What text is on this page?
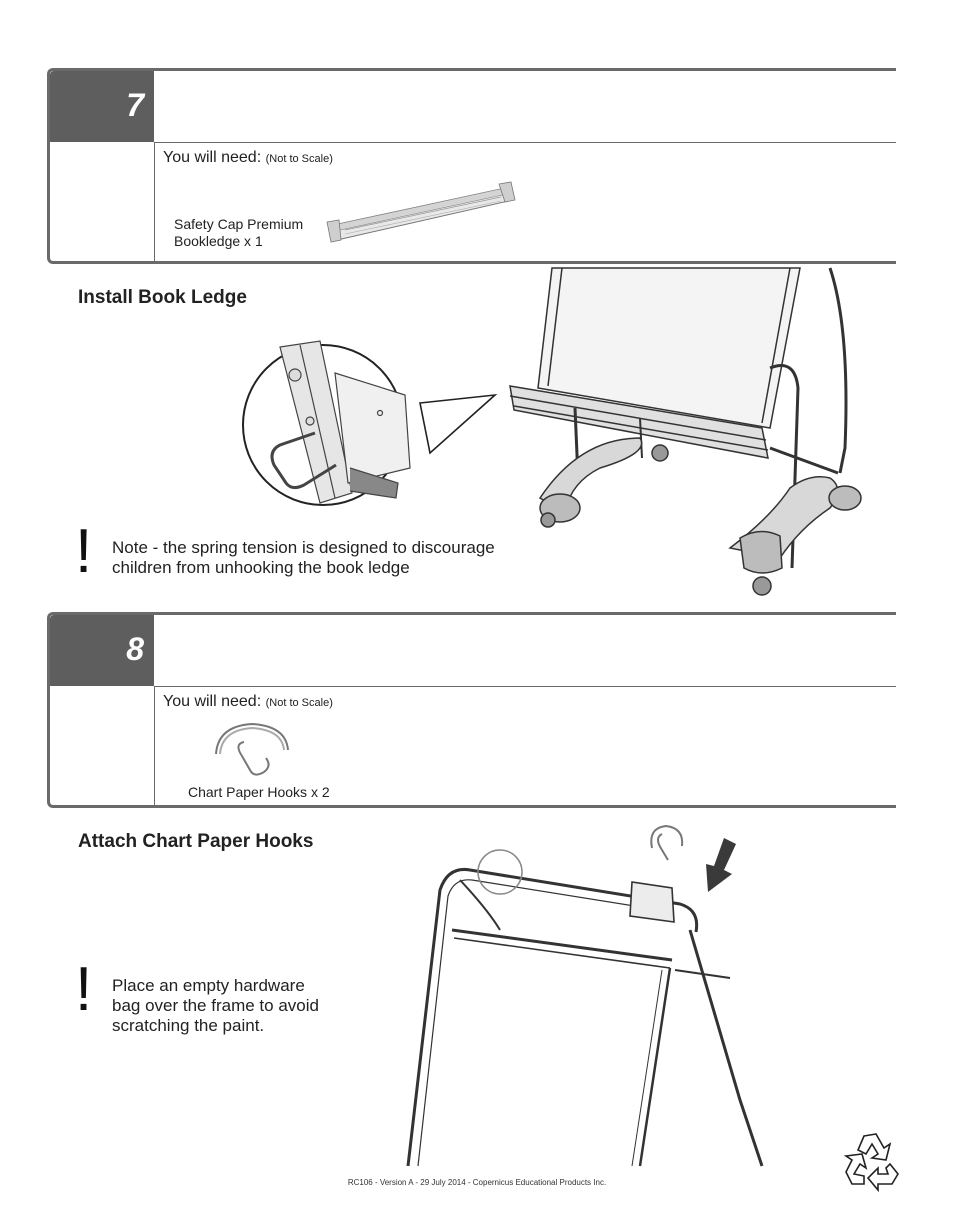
7
You will need: (Not to Scale)
Safety Cap Premium
Bookledge x 1
Install Book Ledge
! Note - the spring tension is designed to discourage
children from unhooking the book ledge
8
You will need: (Not to Scale)
Chart Paper Hooks x 2
Attach Chart Paper Hooks
! Place an empty hardware
bag over the frame to avoid
scratching the paint.
RC106 - Version A - 29 July 2014 - Copernicus Educational Products Inc.
